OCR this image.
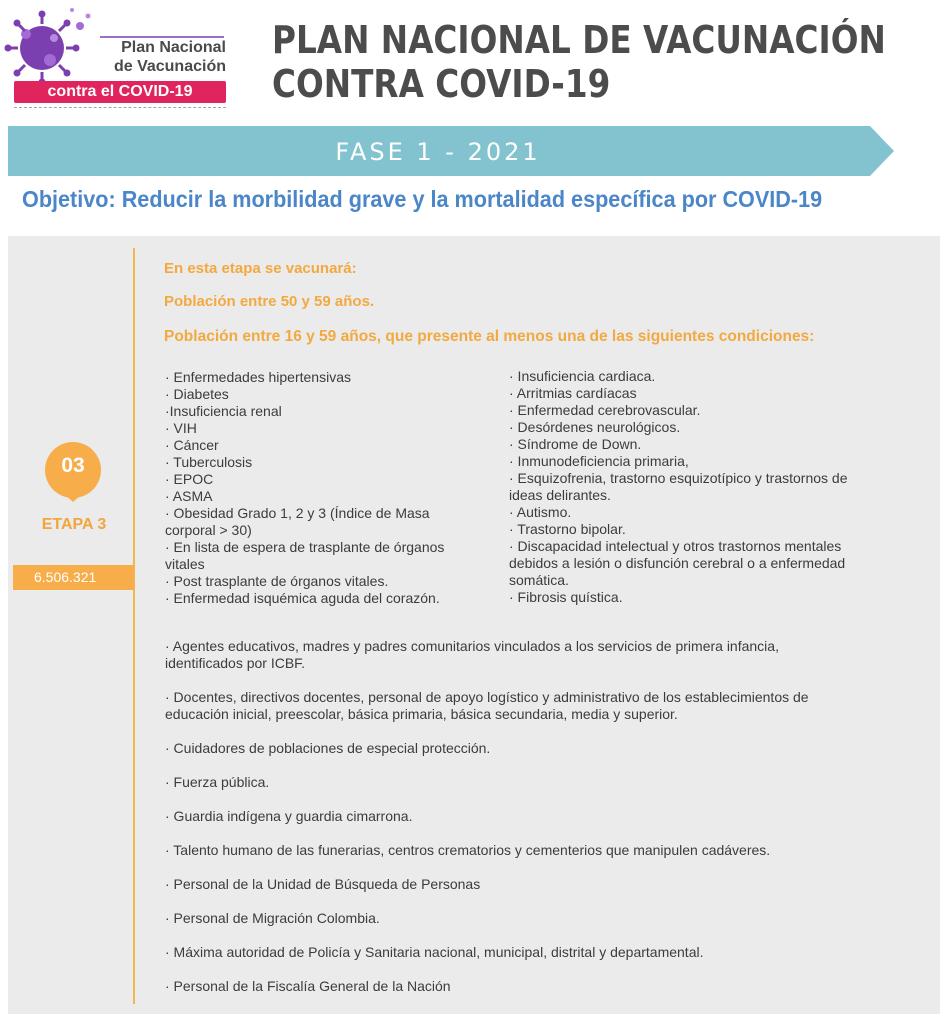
Plan Nacional
de Vacunación
contra el COVID-19
PLAN NACIONAL DE VACUNACIÓN
CONTRA COVID-19
FASE 1 - 2021
Objetivo: Reducir la morbilidad grave y la mortalidad específica por COVID-19
03
ETAPA 3
6.506.321
En esta etapa se vacunará:
Población entre 50 y 59 años.
Población entre 16 y 59 años, que presente al menos una de las siguientes condiciones:
· Enfermedades hipertensivas
· Diabetes
·Insuficiencia renal
· VIH
· Cáncer
· Tuberculosis
· EPOC
· ASMA
· Obesidad Grado 1, 2 y 3 (Índice de Masa corporal > 30)
· En lista de espera de trasplante de órganos vitales
· Post trasplante de órganos vitales.
· Enfermedad isquémica aguda del corazón.
· Insuficiencia cardiaca.
· Arritmias cardíacas
· Enfermedad cerebrovascular.
· Desórdenes neurológicos.
· Síndrome de Down.
· Inmunodeficiencia primaria,
· Esquizofrenia, trastorno esquizotípico y trastornos de ideas delirantes.
· Autismo.
· Trastorno bipolar.
· Discapacidad intelectual y otros trastornos mentales debidos a lesión o disfunción cerebral o a enfermedad somática.
· Fibrosis quística.
· Agentes educativos, madres y padres comunitarios vinculados a los servicios de primera infancia, identificados por ICBF.
· Docentes, directivos docentes, personal de apoyo logístico y administrativo de los establecimientos de educación inicial, preescolar, básica primaria, básica secundaria, media y superior.
· Cuidadores de poblaciones de especial protección.
· Fuerza pública.
· Guardia indígena y guardia cimarrona.
· Talento humano de las funerarias, centros crematorios y cementerios que manipulen cadáveres.
· Personal de la Unidad de Búsqueda de Personas
· Personal de Migración Colombia.
· Máxima autoridad de Policía y Sanitaria nacional, municipal, distrital y departamental.
· Personal de la Fiscalía General de la Nación
